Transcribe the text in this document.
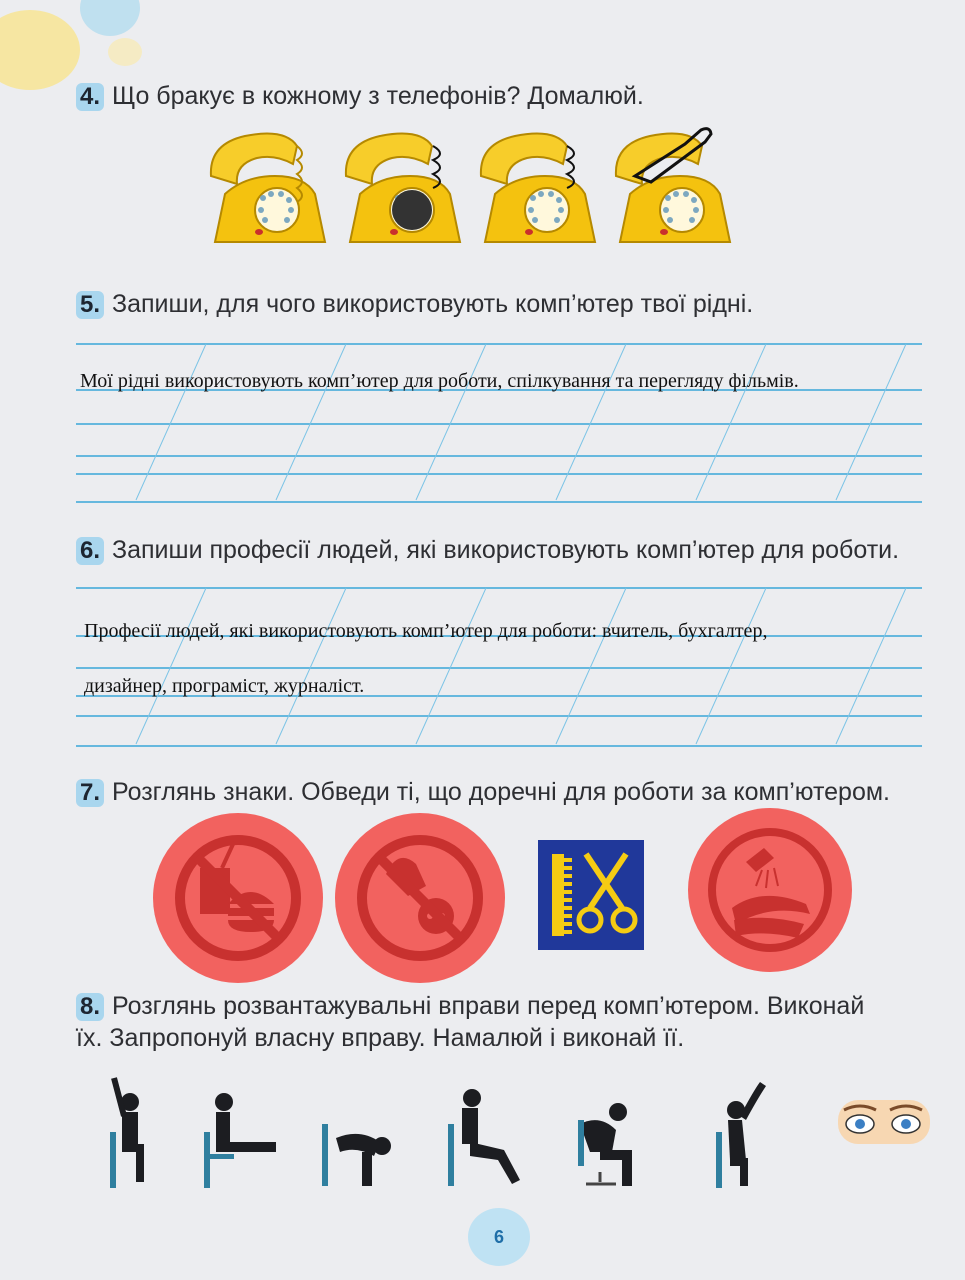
4. Що бракує в кожному з телефонів? Домалюй.
5. Запиши, для чого використовують комп’ютер твої рідні.
Мої рідні використовують комп’ютер для роботи, спілкування та перегляду фільмів.
6. Запиши професії людей, які використовують комп’ютер для роботи.
Професії людей, які використовують комп’ютер для роботи: вчитель, бухгалтер,
дизайнер, програміст, журналіст.
7. Розглянь знаки. Обведи ті, що доречні для роботи за комп’ютером.
8. Розглянь розвантажувальні вправи перед комп’ютером. Виконай
їх. Запропонуй власну вправу. Намалюй і виконай її.
6
